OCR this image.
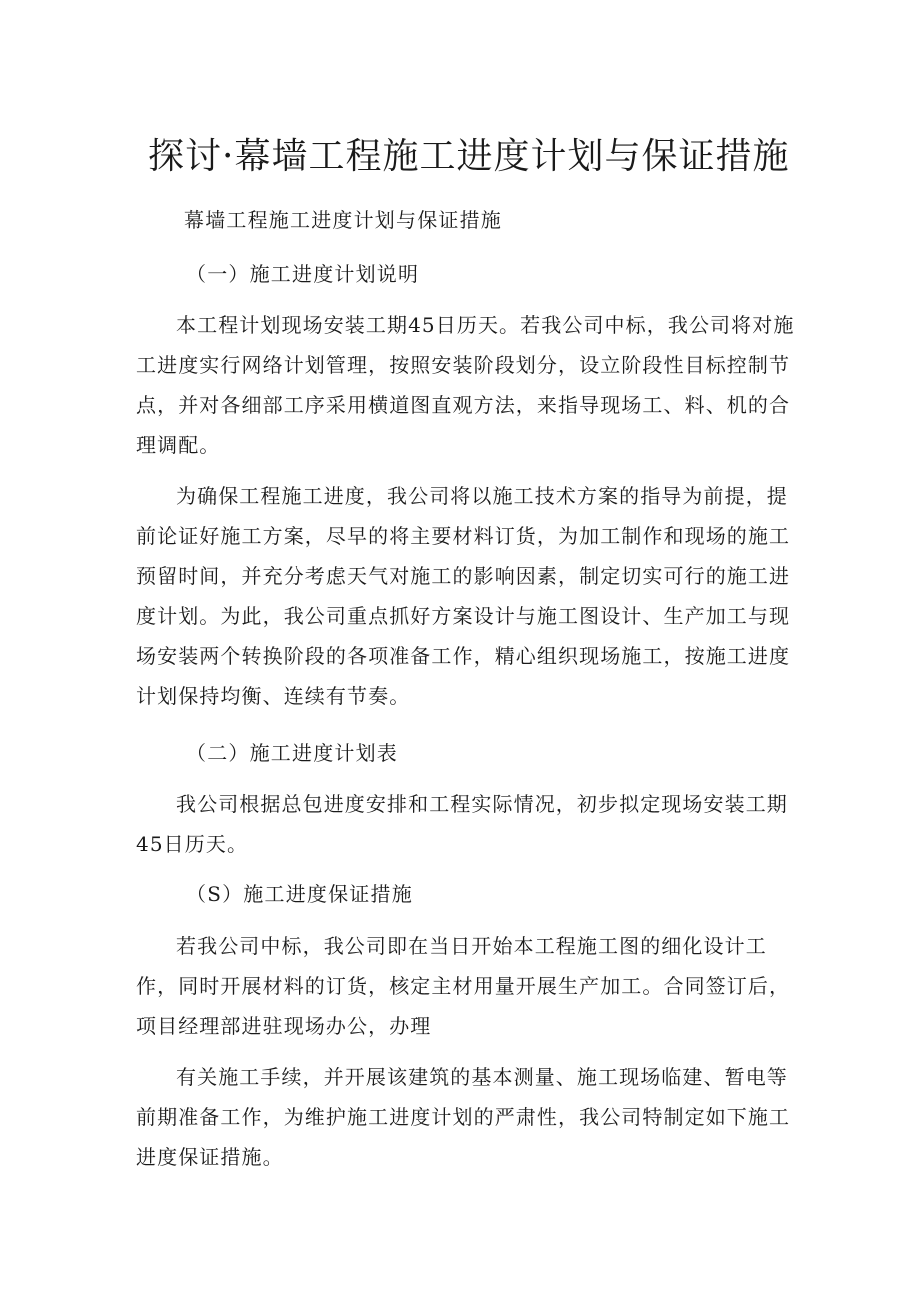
探讨·幕墙工程施工进度计划与保证措施
幕墙工程施工进度计划与保证措施
（一）施工进度计划说明

本工程计划现场安装工期45日历天。若我公司中标，我公司将对施工进度实行网络计划管理，按照安装阶段划分，设立阶段性目标控制节点，并对各细部工序采用横道图直观方法，来指导现场工、料、机的合理调配。

为确保工程施工进度，我公司将以施工技术方案的指导为前提，提前论证好施工方案，尽早的将主要材料订货，为加工制作和现场的施工预留时间，并充分考虑天气对施工的影响因素，制定切实可行的施工进度计划。为此，我公司重点抓好方案设计与施工图设计、生产加工与现场安装两个转换阶段的各项准备工作，精心组织现场施工，按施工进度计划保持均衡、连续有节奏。

（二）施工进度计划表

我公司根据总包进度安排和工程实际情况，初步拟定现场安装工期45日历天。

（S）施工进度保证措施

若我公司中标，我公司即在当日开始本工程施工图的细化设计工作，同时开展材料的订货，核定主材用量开展生产加工。合同签订后，项目经理部进驻现场办公，办理

有关施工手续，并开展该建筑的基本测量、施工现场临建、暂电等前期准备工作，为维护施工进度计划的严肃性，我公司特制定如下施工进度保证措施。
